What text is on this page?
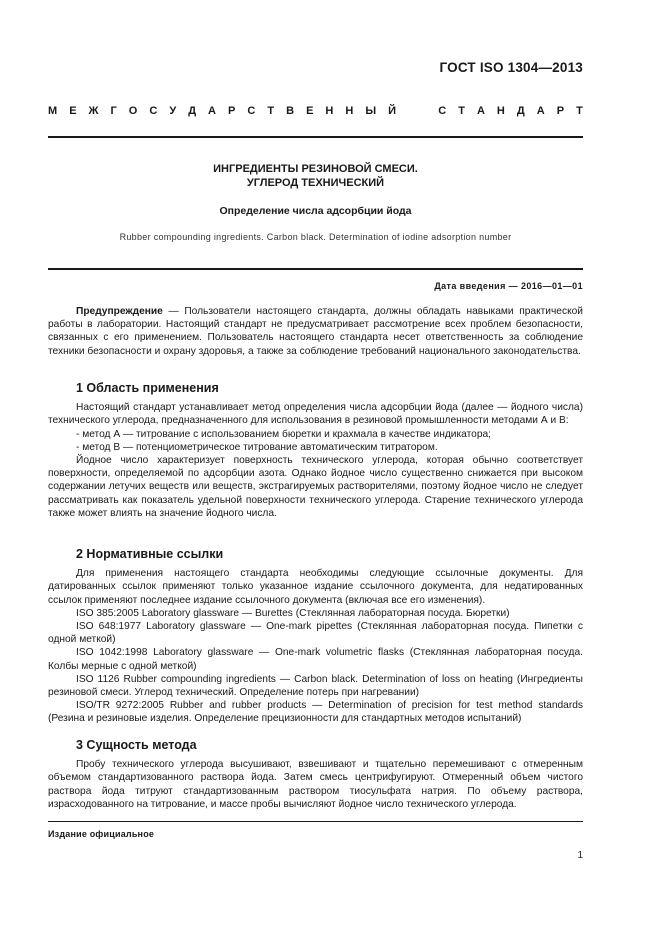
ГОСТ ISO 1304—2013
М Е Ж Г О С У Д А Р С Т В Е Н Н Ы Й

	С Т А Н Д А Р Т
ИНГРЕДИЕНТЫ РЕЗИНОВОЙ СМЕСИ.
УГЛЕРОД ТЕХНИЧЕСКИЙ
Определение числа адсорбции йода
Rubber compounding ingredients. Carbon black. Determination of iodine adsorption number
Дата введения — 2016—01—01

Предупреждение — Пользователи настоящего стандарта, должны обладать навыками практической работы в лаборатории. Настоящий стандарт не предусматривает рассмотрение всех проблем безопасности, связанных с его применением. Пользователь настоящего стандарта несет ответственность за соблюдение техники безопасности и охрану здоровья, а также за соблюдение требований национального законодательства.

1 Область применения

Настоящий стандарт устанавливает метод определения числа адсорбции йода (далее — йодного числа) технического углерода, предназначенного для использования в резиновой промышленности методами А и В:

- метод А — титрование с использованием бюретки и крахмала в качестве индикатора;

- метод В — потенциометрическое титрование автоматическим титратором.

Йодное число характеризует поверхность технического углерода, которая обычно соответствует поверхности, определяемой по адсорбции азота. Однако йодное число существенно снижается при высоком содержании летучих веществ или веществ, экстрагируемых растворителями, поэтому йодное число не следует рассматривать как показатель удельной поверхности технического углерода. Старение технического углерода также может влиять на значение йодного числа.

2 Нормативные ссылки

Для применения настоящего стандарта необходимы следующие ссылочные документы. Для датированных ссылок применяют только указанное издание ссылочного документа, для недатированных ссылок применяют последнее издание ссылочного документа (включая все его изменения).

ISO 385:2005 Laboratory glassware — Burettes (Стеклянная лабораторная посуда. Бюретки)

ISO 648:1977 Laboratory glassware — One-mark pipettes (Стеклянная лабораторная посуда. Пипетки с одной меткой)

ISO 1042:1998 Laboratory glassware — One-mark volumetric flasks (Стеклянная лабораторная посуда. Колбы мерные с одной меткой)

ISO 1126 Rubber compounding ingredients — Carbon black. Determination of loss on heating (Ингредиенты резиновой смеси. Углерод технический. Определение потерь при нагревании)

ISO/TR 9272:2005 Rubber and rubber products — Determination of precision for test method standards (Резина и резиновые изделия. Определение прецизионности для стандартных методов испытаний)

3 Сущность метода

Пробу технического углерода высушивают, взвешивают и тщательно перемешивают с отмеренным объемом стандартизованного раствора йода. Затем смесь центрифугируют. Отмеренный объем чистого раствора йода титруют стандартизованным раствором тиосульфата натрия. По объему раствора, израсходованного на титрование, и массе пробы вычисляют йодное число технического углерода.

Издание официальное
1
